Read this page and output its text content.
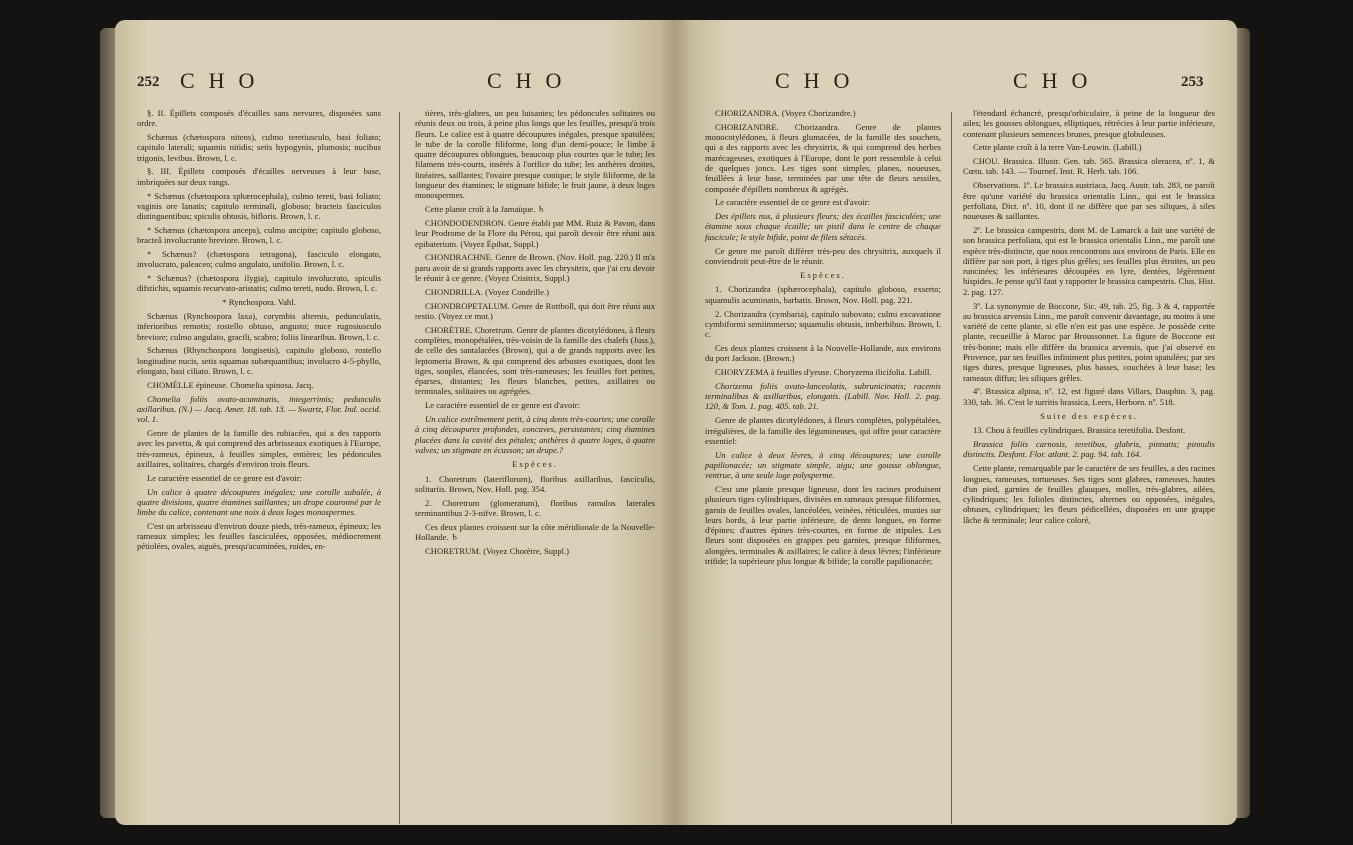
252 CHO	CHO

§. II. Épillets composés d'écailles sans nervures, disposées sans ordre.

Schænus (chætospora nitens), culmo teretiusculo, basi foliato; capitulo laterali; squamis nitidis; setis hypogynis, plumosis; nucibus trigonis, levibus. Brown, l. c.

§. III. Épillets composés d'écailles nerveuses à leur base, imbriquées sur deux rangs.

* Schænus (chætospora sphærocephala), culmo tereti, basi foliato; vaginis ore lanatis; capitulo terminali, globoso; bracteis fasciculos distinguentibus; spiculis obtusis, bifloris. Brown, l. c.

* Schænus (chætospora anceps), culmo ancipite; capitulo globoso, bracteâ involucrante breviore. Brown, l. c.

* Schænus? (chætospora tetragona), fasciculo elongato, involucrato, paleaceo; culmo angulato, unifolio. Brown, l. c.

* Schænus? (chætospora ilygia), capitulo involucrato, spiculis difstichis, squamis recurvato-aristatis; culmo tereti, nudo. Brown, l. c.

* Rynchospora. Vahl.

Schænus (Rynchospora laxa), corymbis alternis, pedunculatis, inferioribus remotis; rostello obtuso, angusto; nuce rugosiusculo breviore; culmo angulato, gracili, scabro; foliis linearibus. Brown, l. c.

Schænus (Rhynchospora longisetis), capitulo globoso, rostello longitudine nucis, setis squamas subæquantibus; involucro 4-5-phyllo, elongato, basi ciliato. Brown, l. c.

CHOMÉLLE épineuse. Chomelia spinosa. Jacq.

Chomelia foliis ovato-acuminatis, integerrimis; pedunculis axillaribus. (N.) — Jacq. Amer. 18. tab. 13. — Swartz, Flor. Ind. occid. vol. 1.

Genre de plantes de la famille des rubiacées, qui a des rapports avec les pavetta, & qui comprend des arbrisseaux exotiques à l'Europe, très-rameux, épineux, à feuilles simples, entières; les pédoncules axillaires, solitaires, chargés d'environ trois fleurs.

Le caractère essentiel de ce genre est d'avoir:

Un calice à quatre découpures inégales; une corolle subulée, à quatre divisions, quatre étamines saillantes; un drupe couronné par le limbe du calice, contenant une noix à deux loges monospermes.

C'est un arbrisseau d'environ douze pieds, très-rameux, épineux; les rameaux simples; les feuilles fasciculées, opposées, médiocrement pétiolées, ovales, aiguës, presqu'acuminées, roides, en-

tières, très-glabres, un peu luisantes; les pédoncules solitaires ou réunis deux ou trois, à peine plus longs que les feuilles, presqu'à trois fleurs. Le calice est à quatre découpures inégales, presque spatulées; le tube de la corolle filiforme, long d'un demi-pouce; le limbe à quatre découpures oblongues, beaucoup plus courtes que le tube; les filamens très-courts, insérés à l'orifice du tube; les anthères droites, linéaires, saillantes; l'ovaire presque conique; le style filiforme, de la longueur des étamines; le stigmate bifide; le fruit jaune, à deux loges monospermes.

Cette plante croît à la Jamaïque. ♄

CHONDODENDRON. Genre établi par MM. Ruiz & Pavon, dans leur Prodrome de la Flore du Pérou, qui paroît devoir être réuni aux epibaterium. (Voyez Épibat, Suppl.)

CHONDRACHNE. Genre de Brown. (Nov. Holl. pag. 220.) Il m'a paru avoir de si grands rapports avec les chrysitrix, que j'ai cru devoir le réunir à ce genre. (Voyez Crisitrix, Suppl.)

CHONDRILLA. (Voyez Condrille.)

CHONDROPETALUM. Genre de Rottboll, qui doit être réuni aux restio. (Voyez ce mot.)

CHORÈTRE. Choretrum. Genre de plantes dicotylédones, à fleurs complètes, monopétalées, très-voisin de la famille des chalefs (Juss.), de celle des santalacées (Brown), qui a de grands rapports avec les leptomeria Brown, & qui comprend des arbustes exotiques, dont les tiges, souples, élancées, sont très-rameuses; les feuilles fort petites, éparses, distantes; les fleurs blanches, petites, axillaires ou terminales, solitaires ou agrégées.

Le caractère essentiel de ce genre est d'avoir:

Un calice extrêmement petit, à cinq dents très-courtes; une corolle à cinq découpures profondes, concaves, persistantes; cinq étamines placées dans la cavité des pétales; anthères à quatre loges, à quatre valves; un stigmate en écusson; un drupe.?

Espèces.

1. Choretrum (lateriflorum), floribus axillaribus, fasciculis, solitariis. Brown, Nov. Holl. pag. 354.

2. Choretrum (glomeratum), floribus ramulos laterales terminantibus 2-3-nifve. Brown, l. c.

Ces deux plantes croissent sur la côte méridionale de la Nouvelle-Hollande. ♄

CHORETRUM. (Voyez Chorètre, Suppl.)

CHO	CHO	253

CHORIZANDRA. (Voyez Chorizandre.)

CHORIZANDRE. Chorizandra. Genre de plantes monocotylédones, à fleurs glumacées, de la famille des souchets, qui a des rapports avec les chrysitrix, & qui comprend des herbes marécageuses, exotiques à l'Europe, dont le port ressemble à celui de quelques joncs. Les tiges sont simples, planes, noueuses, feuillées à leur base, terminées par une tête de fleurs sessiles, composée d'épillets nombreux & agrégés.

Le caractère essentiel de ce genre est d'avoir:

Des épillets nus, à plusieurs fleurs; des écailles fasciculées; une étamine sous chaque écaille; un pistil dans le centre de chaque fascicule; le style bifide, point de filets sétacés.

Ce genre me paroît différer très-peu des chrysitrix, auxquels il conviendroit peut-être de le réunir.

Espèces.

1. Chorizandra (sphærocephala), capitulo globoso, exserto; squamulis acuminatis, barbatis. Brown, Nov. Holl. pag. 221.

2. Chorizandra (cymbaria), capitulo subovato; culmi excavatione cymbiformi semiimmerso; squamulis obtusis, imberbibus. Brown, l. c.

Ces deux plantes croissent à la Nouvelle-Hollande, aux environs du port Jackson. (Brown.)

CHORYZEMA à feuilles d'yeuse. Choryzema ilicifolia. Labill.

Chorizema foliis ovato-lanceolatis, subrunicinatis; racemis terminalibus & axillaribus, elongatis. (Labill. Nov. Holl. 2. pag. 120, & Tom. 1. pag. 405. tab. 21.

Genre de plantes dicotylédones, à fleurs complètes, polypétalées, irrégulières, de la famille des légumineuses, qui offre pour caractère essentiel:

Un calice à deux lèvres, à cinq découpures; une corolle papilionacée; un stigmate simple, aigu; une gousse oblongue, ventrue, à une seule loge polysperme.

C'est une plante presque ligneuse, dont les racines produisent plusieurs tiges cylindriques, divisées en rameaux presque filiformes, garnis de feuilles ovales, lancéolées, veinées, réticulées, munies sur leurs bords, à leur partie inférieure, de dents longues, en forme d'épines; d'autres épines très-courtes, en forme de stipules. Les fleurs sont disposées en grappes peu garnies, presque filiformes, alongées, terminales & axillaires; le calice à deux lèvres; l'inférieure trifide; la supérieure plus longue & bifide; la corolle papilionacée;

l'étendard échancré, presqu'orbiculaire, à peine de la longueur des ailes; les gousses oblongues, elliptiques, rétrécies à leur partie inférieure, contenant plusieurs semences brunes, presque globuleuses.

Cette plante croît à la terre Van-Leuwin. (Labill.)

CHOU. Brassica. Illustr. Gen. tab. 565. Brassica oleracea, nº. 1, & Cœtu. tab. 143. — Tournef. Inst. R. Herb. tab. 106.

Observations. 1º. Le brassica austriaca, Jacq. Austr. tab. 283, ne paroît être qu'une variété du brassica orientalis Linn., qui est le brassica perfoliata, Dict. nº. 10, dont il ne diffère que par ses siliques, à siles noueuses & saillantes.

2º. Le brassica campestris, dont M. de Lamarck a fait une variété de son brassica perfoliata, qui est le brassica orientalis Linn., me paroît une espèce très-distincte, que nous rencontrons aux environs de Paris. Elle en diffère par son port, à tiges plus grêles; ses feuilles plus étroites, un peu runcinées; les inférieures découpées en lyre, dentées, légèrement hispides. Je pense qu'il faut y rapporter le brassica campestris. Clus. Hist. 2. pag. 127.

3º. La synonymie de Boccone, Sic. 49, tab. 25, fig. 3 & 4, rapportée au brassica arvensis Linn., me paroît convenir davantage, au moins à une variété de cette plante, si elle n'en est pas une espèce. Je possède cette plante, recueillie à Maroc par Broussonnet. La figure de Boccone est très-bonne; mais elle diffère du brassica arvensis, que j'ai observé en Provence, par ses feuilles infiniment plus petites, point spatulées; par ses tiges dures, presque ligneuses, plus basses, couchées à leur base; les rameaux diffus; les siliques grêles.

4º. Brassica alpina, nº. 12, est figuré dans Villars, Dauphin. 3, pag. 330, tab. 36. C'est le turritis brassica, Leers, Herborn. nº. 518.

Suite des espèces.

13. Chou à feuilles cylindriques. Brassica teretifolia. Desfont.

Brassica foliis carnosis, teretibus, glabris, pinnatis; pinnulis distinctis. Desfont. Flor. atlant. 2. pag. 94. tab. 164.

Cette plante, remarquable par le caractère de ses feuilles, a des racines longues, rameuses, tortueuses. Ses tiges sont glabres, rameuses, hautes d'un pied, garnies de feuilles glauques, molles, très-glabres, ailées, cylindriques; les folioles distinctes, alternes ou opposées, inégales, obtuses, cylindriques; les fleurs pédicellées, disposées en une grappe lâche & terminale; leur calice coloré,
